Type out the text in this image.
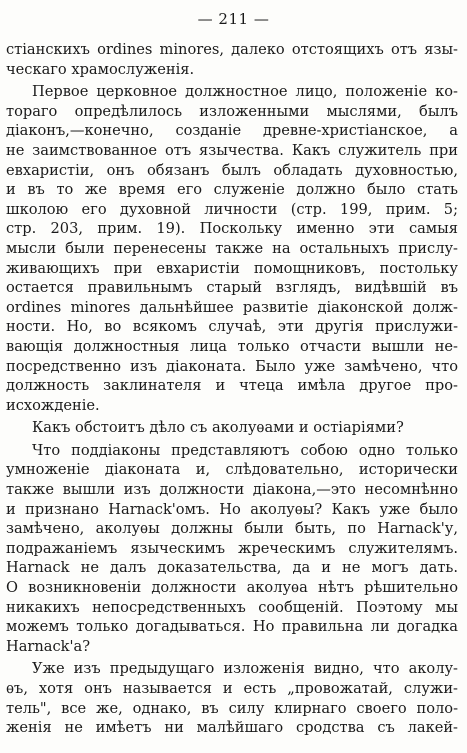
— 211 —

стіанскихъ ordines minores, далеко отстоящихъ отъ язы-

ческаго храмослуженія.

Первое церковное должностное лицо, положеніе ко-

тораго опредѣлилось изложенными мыслями, былъ

діаконъ,—конечно, созданіе древне-христіанское, а

не заимствованное отъ язычества. Какъ служитель при

евхаристіи, онъ обязанъ былъ обладать духовностью,

и въ то же время его служеніе должно было стать

школою его духовной личности (стр. 199, прим. 5;

стр. 203, прим. 19). Поскольку именно эти самыя

мысли были перенесены также на остальныхъ прислу-

живающихъ при евхаристіи помощниковъ, постольку

остается правильнымъ старый взглядъ, видѣвшій въ

ordines minores дальнѣйшее развитіе діаконской долж-

ности. Но, во всякомъ случаѣ, эти другія прислужи-

вающія должностныя лица только отчасти вышли не-

посредственно изъ діаконата. Было уже замѣчено, что

должность заклинателя и чтеца имѣла другое про-

исхожденіе.

Какъ обстоитъ дѣло съ аколуѳами и остіаріями?

Что поддіаконы представляютъ собою одно только

умноженіе діаконата и, слѣдовательно, исторически

также вышли изъ должности діакона,—это несомнѣнно

и признано Harnack'омъ. Но аколуѳы? Какъ уже было

замѣчено, аколуѳы должны были быть, по Harnack'у,

подражаніемъ языческимъ жреческимъ служителямъ.

Harnack не далъ доказательства, да и не могъ дать.

О возникновеніи должности аколуѳа нѣтъ рѣшительно

никакихъ непосредственныхъ сообщеній. Поэтому мы

можемъ только догадываться. Но правильна ли догадка

Harnack'a?

Уже изъ предыдущаго изложенія видно, что аколу-

ѳъ, хотя онъ называется и есть „провожатай, служи-

тель", все же, однако, въ силу клирнаго своего поло-

женія не имѣетъ ни малѣйшаго сродства съ лакей-
